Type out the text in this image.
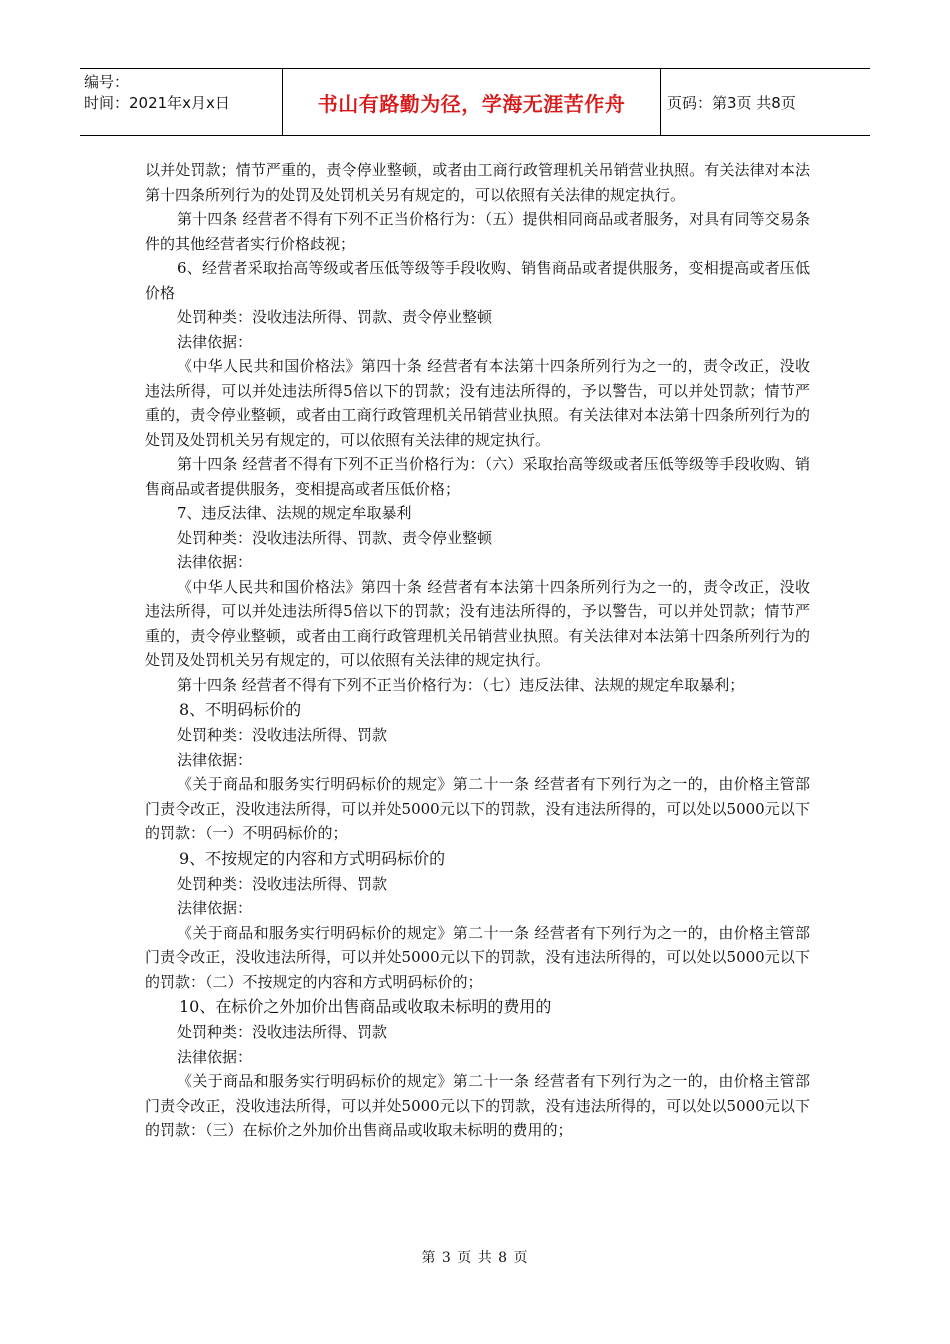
编号：
时间：2021年x月x日	书山有路勤为径，学海无涯苦作舟	页码：第3页 共8页

以并处罚款；情节严重的，责令停业整顿，或者由工商行政管理机关吊销营业执照。有关法律对本法第十四条所列行为的处罚及处罚机关另有规定的，可以依照有关法律的规定执行。

第十四条 经营者不得有下列不正当价格行为：（五）提供相同商品或者服务，对具有同等交易条件的其他经营者实行价格歧视；

6、经营者采取抬高等级或者压低等级等手段收购、销售商品或者提供服务，变相提高或者压低价格

处罚种类：没收违法所得、罚款、责令停业整顿

法律依据：

《中华人民共和国价格法》第四十条 经营者有本法第十四条所列行为之一的，责令改正，没收违法所得，可以并处违法所得5倍以下的罚款；没有违法所得的，予以警告，可以并处罚款；情节严重的，责令停业整顿，或者由工商行政管理机关吊销营业执照。有关法律对本法第十四条所列行为的处罚及处罚机关另有规定的，可以依照有关法律的规定执行。

第十四条 经营者不得有下列不正当价格行为：（六）采取抬高等级或者压低等级等手段收购、销售商品或者提供服务，变相提高或者压低价格；

7、违反法律、法规的规定牟取暴利

处罚种类：没收违法所得、罚款、责令停业整顿

法律依据：

《中华人民共和国价格法》第四十条 经营者有本法第十四条所列行为之一的，责令改正，没收违法所得，可以并处违法所得5倍以下的罚款；没有违法所得的，予以警告，可以并处罚款；情节严重的，责令停业整顿，或者由工商行政管理机关吊销营业执照。有关法律对本法第十四条所列行为的处罚及处罚机关另有规定的，可以依照有关法律的规定执行。

第十四条 经营者不得有下列不正当价格行为：（七）违反法律、法规的规定牟取暴利；

8、不明码标价的

处罚种类：没收违法所得、罚款

法律依据：

《关于商品和服务实行明码标价的规定》第二十一条 经营者有下列行为之一的，由价格主管部门责令改正，没收违法所得，可以并处5000元以下的罚款，没有违法所得的，可以处以5000元以下的罚款：（一）不明码标价的；

9、不按规定的内容和方式明码标价的

处罚种类：没收违法所得、罚款

法律依据：

《关于商品和服务实行明码标价的规定》第二十一条 经营者有下列行为之一的，由价格主管部门责令改正，没收违法所得，可以并处5000元以下的罚款，没有违法所得的，可以处以5000元以下的罚款：（二）不按规定的内容和方式明码标价的；

10、在标价之外加价出售商品或收取未标明的费用的

处罚种类：没收违法所得、罚款

法律依据：

《关于商品和服务实行明码标价的规定》第二十一条 经营者有下列行为之一的，由价格主管部门责令改正，没收违法所得，可以并处5000元以下的罚款，没有违法所得的，可以处以5000元以下的罚款：（三）在标价之外加价出售商品或收取未标明的费用的；

第 3 页 共 8 页
